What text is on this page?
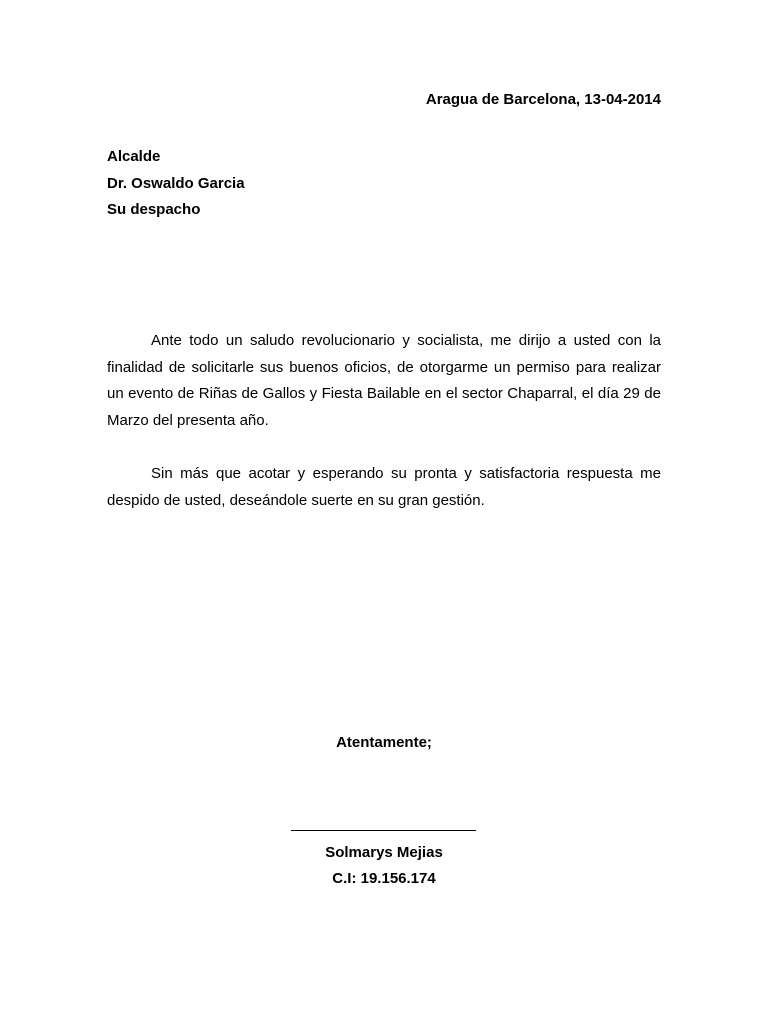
Aragua de Barcelona, 13-04-2014
Alcalde
Dr. Oswaldo Garcia
Su despacho

Ante todo un saludo revolucionario y socialista, me dirijo a usted con la finalidad de solicitarle sus buenos oficios, de otorgarme un permiso para realizar un evento de Riñas de Gallos y Fiesta Bailable en el sector Chaparral, el día 29 de Marzo del presenta año.

Sin más que acotar y esperando su pronta y satisfactoria respuesta me despido de usted, deseándole suerte en su gran gestión.

Atentamente;
Solmarys Mejias
C.I: 19.156.174
